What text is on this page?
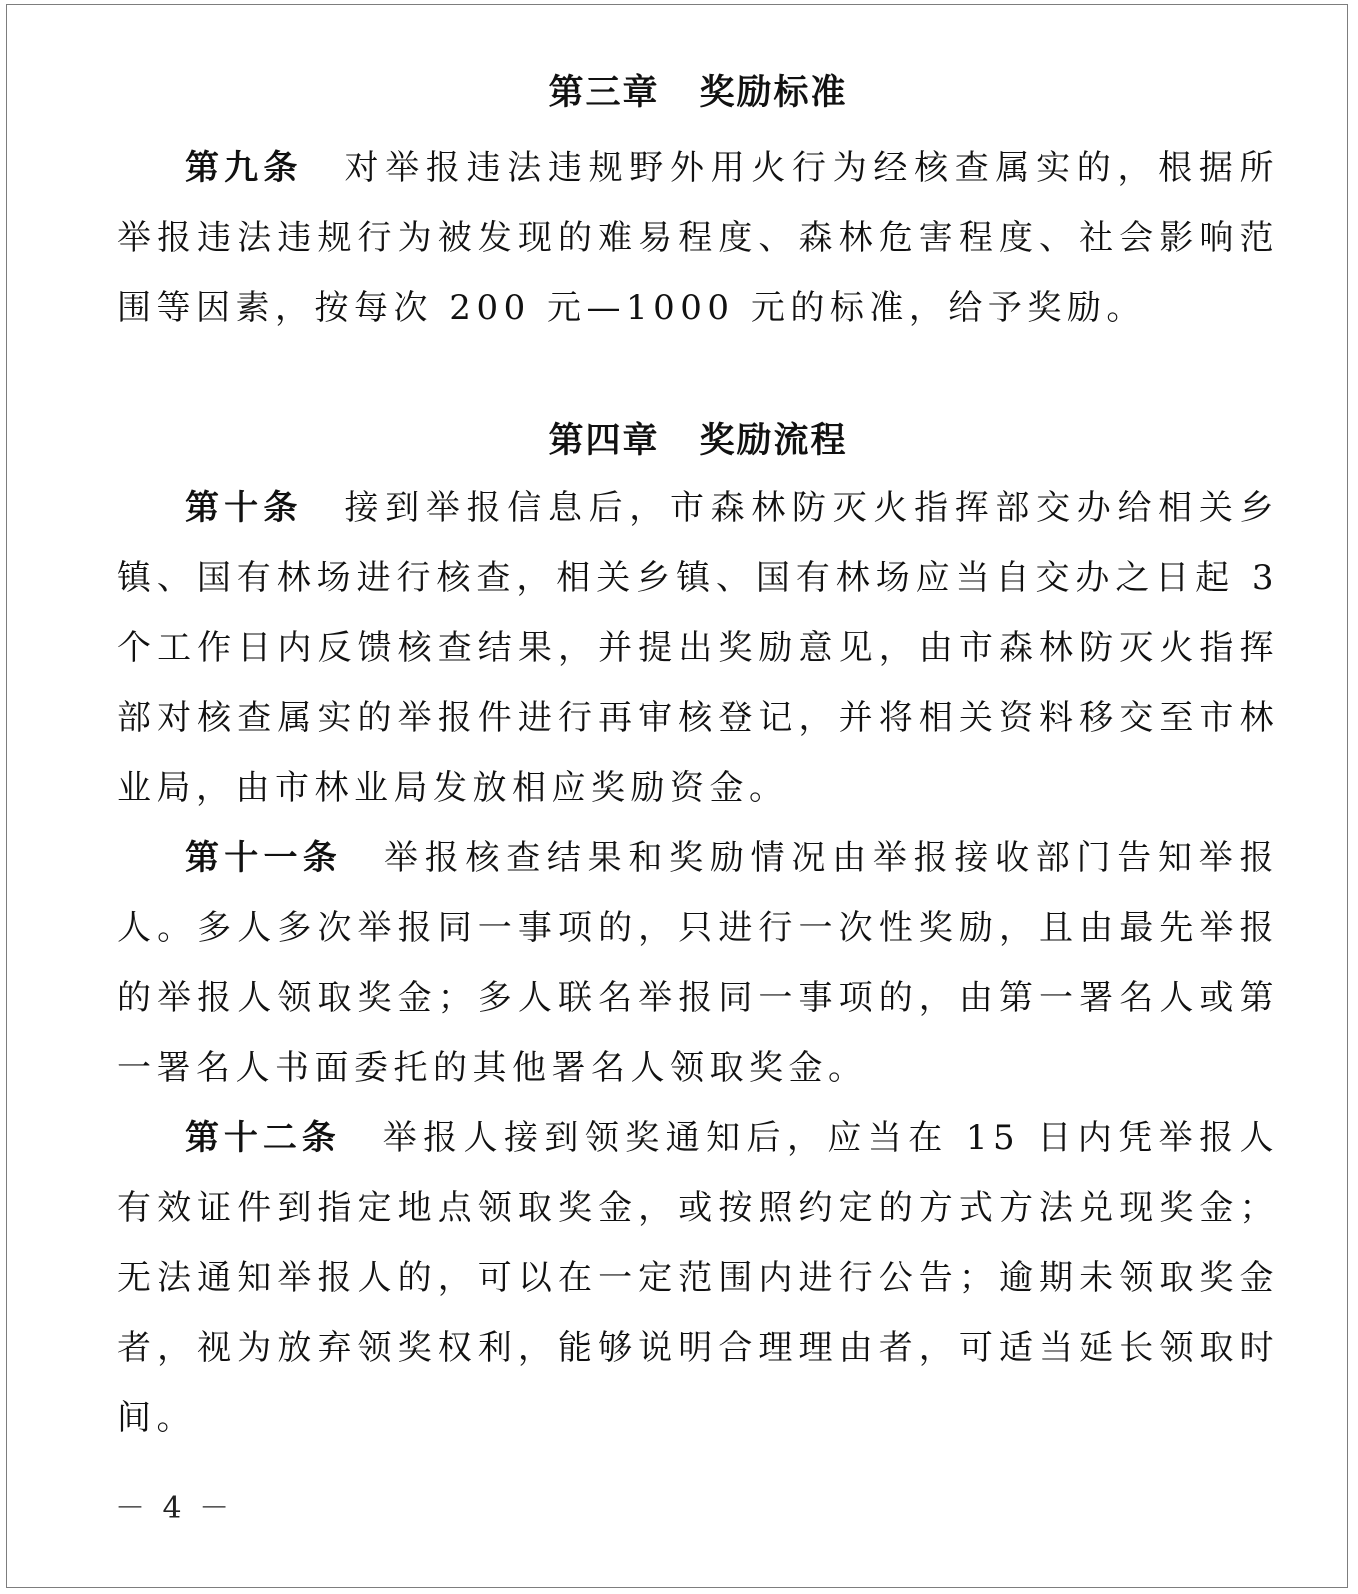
第三章 奖励标准

第九条 对举报违法违规野外用火行为经核查属实的，根据所举报违法违规行为被发现的难易程度、森林危害程度、社会影响范围等因素，按每次 200 元—1000 元的标准，给予奖励。

第四章 奖励流程

第十条 接到举报信息后，市森林防灭火指挥部交办给相关乡镇、国有林场进行核查，相关乡镇、国有林场应当自交办之日起 3 个工作日内反馈核查结果，并提出奖励意见，由市森林防灭火指挥部对核查属实的举报件进行再审核登记，并将相关资料移交至市林业局，由市林业局发放相应奖励资金。

第十一条 举报核查结果和奖励情况由举报接收部门告知举报人。多人多次举报同一事项的，只进行一次性奖励，且由最先举报的举报人领取奖金；多人联名举报同一事项的，由第一署名人或第一署名人书面委托的其他署名人领取奖金。

第十二条 举报人接到领奖通知后，应当在 15 日内凭举报人有效证件到指定地点领取奖金，或按照约定的方式方法兑现奖金；无法通知举报人的，可以在一定范围内进行公告；逾期未领取奖金者，视为放弃领奖权利，能够说明合理理由者，可适当延长领取时间。

－ 4 －
